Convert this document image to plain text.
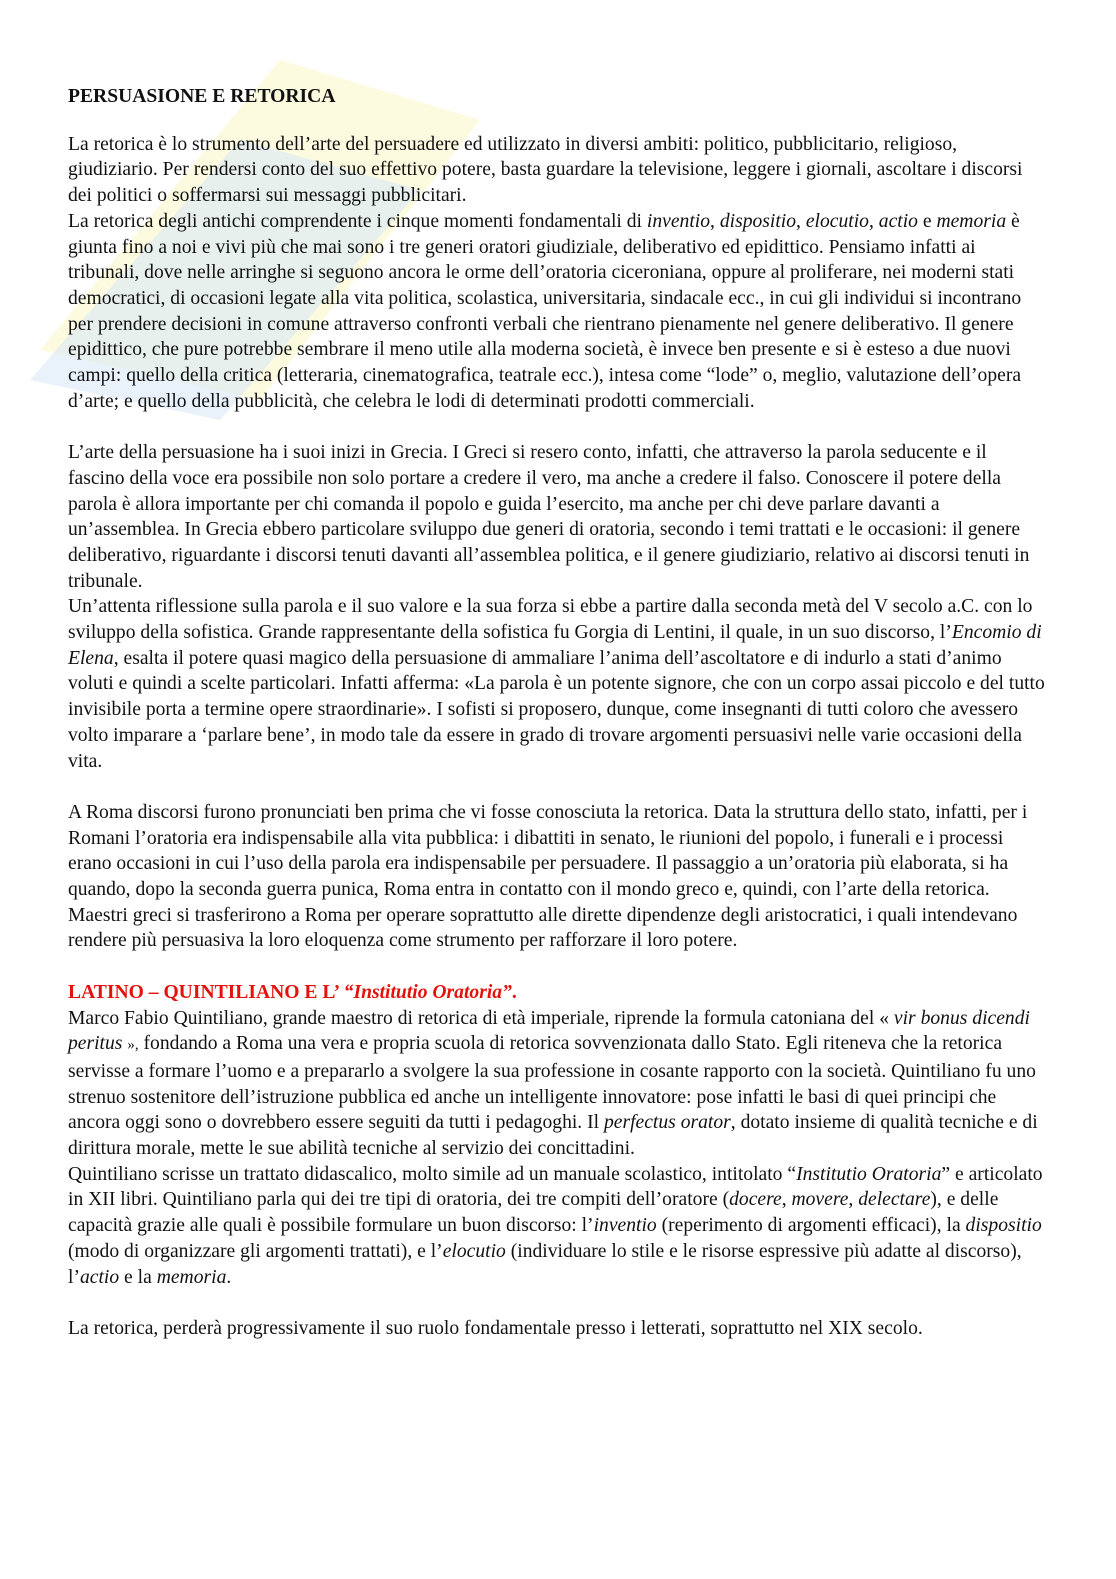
PERSUASIONE E RETORICA

La retorica è lo strumento dell’arte del persuadere ed utilizzato in diversi ambiti: politico, pubblicitario, religioso, giudiziario. Per rendersi conto del suo effettivo potere, basta guardare la televisione, leggere i giornali, ascoltare i discorsi dei politici o soffermarsi sui messaggi pubblicitari.

La retorica degli antichi comprendente i cinque momenti fondamentali di inventio, dispositio, elocutio, actio e memoria è giunta fino a noi e vivi più che mai sono i tre generi oratori giudiziale, deliberativo ed epidittico. Pensiamo infatti ai tribunali, dove nelle arringhe si seguono ancora le orme dell’oratoria ciceroniana, oppure al proliferare, nei moderni stati democratici, di occasioni legate alla vita politica, scolastica, universitaria, sindacale ecc., in cui gli individui si incontrano per prendere decisioni in comune attraverso confronti verbali che rientrano pienamente nel genere deliberativo. Il genere epidittico, che pure potrebbe sembrare il meno utile alla moderna società, è invece ben presente e si è esteso a due nuovi campi: quello della critica (letteraria, cinematografica, teatrale ecc.), intesa come “lode” o, meglio, valutazione dell’opera d’arte; e quello della pubblicità, che celebra le lodi di determinati prodotti commerciali.

L’arte della persuasione ha i suoi inizi in Grecia. I Greci si resero conto, infatti, che attraverso la parola seducente e il fascino della voce era possibile non solo portare a credere il vero, ma anche a credere il falso. Conoscere il potere della parola è allora importante per chi comanda il popolo e guida l’esercito, ma anche per chi deve parlare davanti a un’assemblea. In Grecia ebbero particolare sviluppo due generi di oratoria, secondo i temi trattati e le occasioni: il genere deliberativo, riguardante i discorsi tenuti davanti all’assemblea politica, e il genere giudiziario, relativo ai discorsi tenuti in tribunale.

Un’attenta riflessione sulla parola e il suo valore e la sua forza si ebbe a partire dalla seconda metà del V secolo a.C. con lo sviluppo della sofistica. Grande rappresentante della sofistica fu Gorgia di Lentini, il quale, in un suo discorso, l’Encomio di Elena, esalta il potere quasi magico della persuasione di ammaliare l’anima dell’ascoltatore e di indurlo a stati d’animo voluti e quindi a scelte particolari. Infatti afferma: «La parola è un potente signore, che con un corpo assai piccolo e del tutto invisibile porta a termine opere straordinarie». I sofisti si proposero, dunque, come insegnanti di tutti coloro che avessero volto imparare a ‘parlare bene’, in modo tale da essere in grado di trovare argomenti persuasivi nelle varie occasioni della vita.

A Roma discorsi furono pronunciati ben prima che vi fosse conosciuta la retorica. Data la struttura dello stato, infatti, per i Romani l’oratoria era indispensabile alla vita pubblica: i dibattiti in senato, le riunioni del popolo, i funerali e i processi erano occasioni in cui l’uso della parola era indispensabile per persuadere. Il passaggio a un’oratoria più elaborata, si ha quando, dopo la seconda guerra punica, Roma entra in contatto con il mondo greco e, quindi, con l’arte della retorica. Maestri greci si trasferirono a Roma per operare soprattutto alle dirette dipendenze degli aristocratici, i quali intendevano rendere più persuasiva la loro eloquenza come strumento per rafforzare il loro potere.

LATINO – QUINTILIANO E L’ “Institutio Oratoria”.

Marco Fabio Quintiliano, grande maestro di retorica di età imperiale, riprende la formula catoniana del « vir bonus dicendi peritus », fondando a Roma una vera e propria scuola di retorica sovvenzionata dallo Stato. Egli riteneva che la retorica servisse a formare l’uomo e a prepararlo a svolgere la sua professione in cosante rapporto con la società. Quintiliano fu uno strenuo sostenitore dell’istruzione pubblica ed anche un intelligente innovatore: pose infatti le basi di quei principi che ancora oggi sono o dovrebbero essere seguiti da tutti i pedagoghi. Il perfectus orator, dotato insieme di qualità tecniche e di dirittura morale, mette le sue abilità tecniche al servizio dei concittadini.

Quintiliano scrisse un trattato didascalico, molto simile ad un manuale scolastico, intitolato “Institutio Oratoria” e articolato in XII libri. Quintiliano parla qui dei tre tipi di oratoria, dei tre compiti dell’oratore (docere, movere, delectare), e delle capacità grazie alle quali è possibile formulare un buon discorso: l’inventio (reperimento di argomenti efficaci), la dispositio (modo di organizzare gli argomenti trattati), e l’elocutio (individuare lo stile e le risorse espressive più adatte al discorso), l’actio e la memoria.

La retorica, perderà progressivamente il suo ruolo fondamentale presso i letterati, soprattutto nel XIX secolo.
